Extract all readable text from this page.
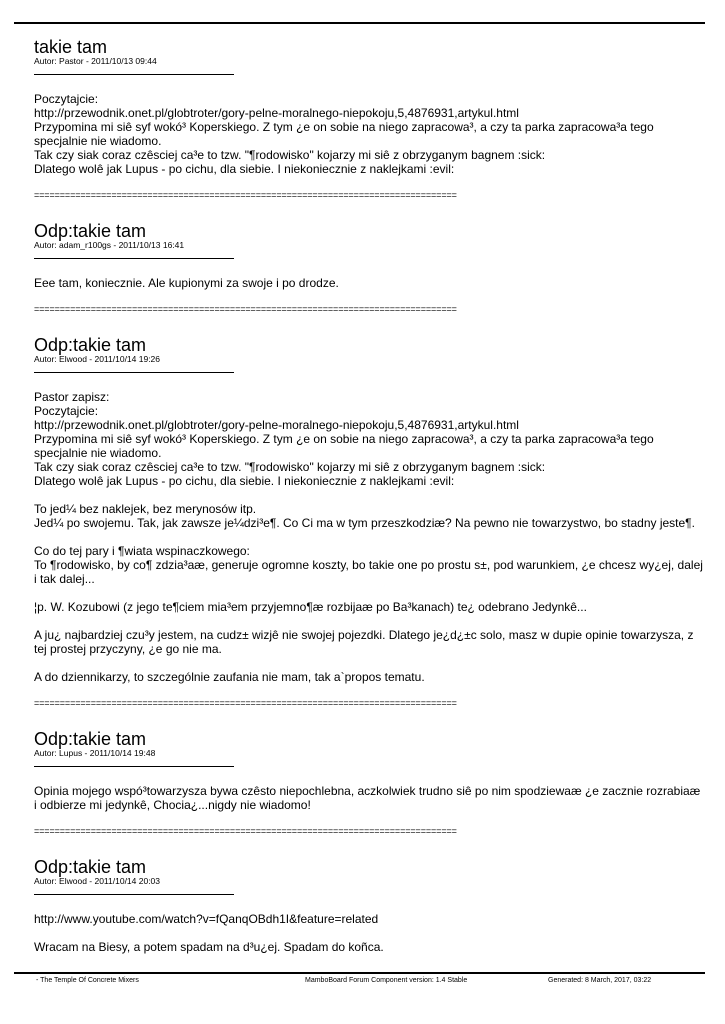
takie tam
Autor: Pastor - 2011/10/13 09:44

Poczytajcie:
http://przewodnik.onet.pl/globtroter/gory-pelne-moralnego-niepokoju,5,4876931,artykul.html
Przypomina mi siê syf wokó³ Koperskiego. Z tym ¿e on sobie na niego zapracowa³, a czy ta parka zapracowa³a tego specjalnie nie wiadomo.
Tak czy siak coraz czêsciej ca³e to tzw. "¶rodowisko" kojarzy mi siê z obrzyganym bagnem :sick:
Dlatego wolê jak Lupus - po cichu, dla siebie. I niekoniecznie z naklejkami :evil:

==================================================================================
Odp:takie tam
Autor: adam_r100gs - 2011/10/13 16:41

Eee tam, koniecznie. Ale kupionymi za swoje i po drodze.

==================================================================================
Odp:takie tam
Autor: Elwood - 2011/10/14 19:26

Pastor zapisz:
Poczytajcie:
http://przewodnik.onet.pl/globtroter/gory-pelne-moralnego-niepokoju,5,4876931,artykul.html
Przypomina mi siê syf wokó³ Koperskiego. Z tym ¿e on sobie na niego zapracowa³, a czy ta parka zapracowa³a tego specjalnie nie wiadomo.
Tak czy siak coraz czêsciej ca³e to tzw. "¶rodowisko" kojarzy mi siê z obrzyganym bagnem :sick:
Dlatego wolê jak Lupus - po cichu, dla siebie. I niekoniecznie z naklejkami :evil:

To jed¼ bez naklejek, bez merynosów itp.
Jed¼ po swojemu. Tak, jak zawsze je¼dzi³e¶. Co Ci ma w tym przeszkodziæ? Na pewno nie towarzystwo, bo stadny jeste¶.

Co do tej pary i ¶wiata wspinaczkowego:
To ¶rodowisko, by co¶ zdzia³aæ, generuje ogromne koszty, bo takie one po prostu s±, pod warunkiem, ¿e chcesz wy¿ej, dalej i tak dalej...

¦p. W. Kozubowi (z jego te¶ciem mia³em przyjemno¶æ rozbijaæ po Ba³kanach) te¿ odebrano Jedynkê...

A ju¿ najbardziej czu³y jestem, na cudz± wizjê nie swojej pojezdki. Dlatego je¿d¿±c solo, masz w dupie opinie towarzysza, z tej prostej przyczyny, ¿e go nie ma.

A do dziennikarzy, to szczególnie zaufania nie mam, tak a`propos tematu.

==================================================================================
Odp:takie tam
Autor: Lupus - 2011/10/14 19:48

Opinia mojego wspó³towarzysza bywa czêsto niepochlebna, aczkolwiek trudno siê po nim spodziewaæ ¿e zacznie rozrabiaæ i odbierze mi jedynkê, Chocia¿...nigdy nie wiadomo!

==================================================================================
Odp:takie tam
Autor: Elwood - 2011/10/14 20:03

http://www.youtube.com/watch?v=fQanqOBdh1I&feature=related

Wracam na Biesy, a potem spadam na d³u¿ej. Spadam do koñca.

- The Temple Of Concrete Mixers	MamboBoard Forum Component version: 1.4 Stable	Generated: 8 March, 2017, 03:22
